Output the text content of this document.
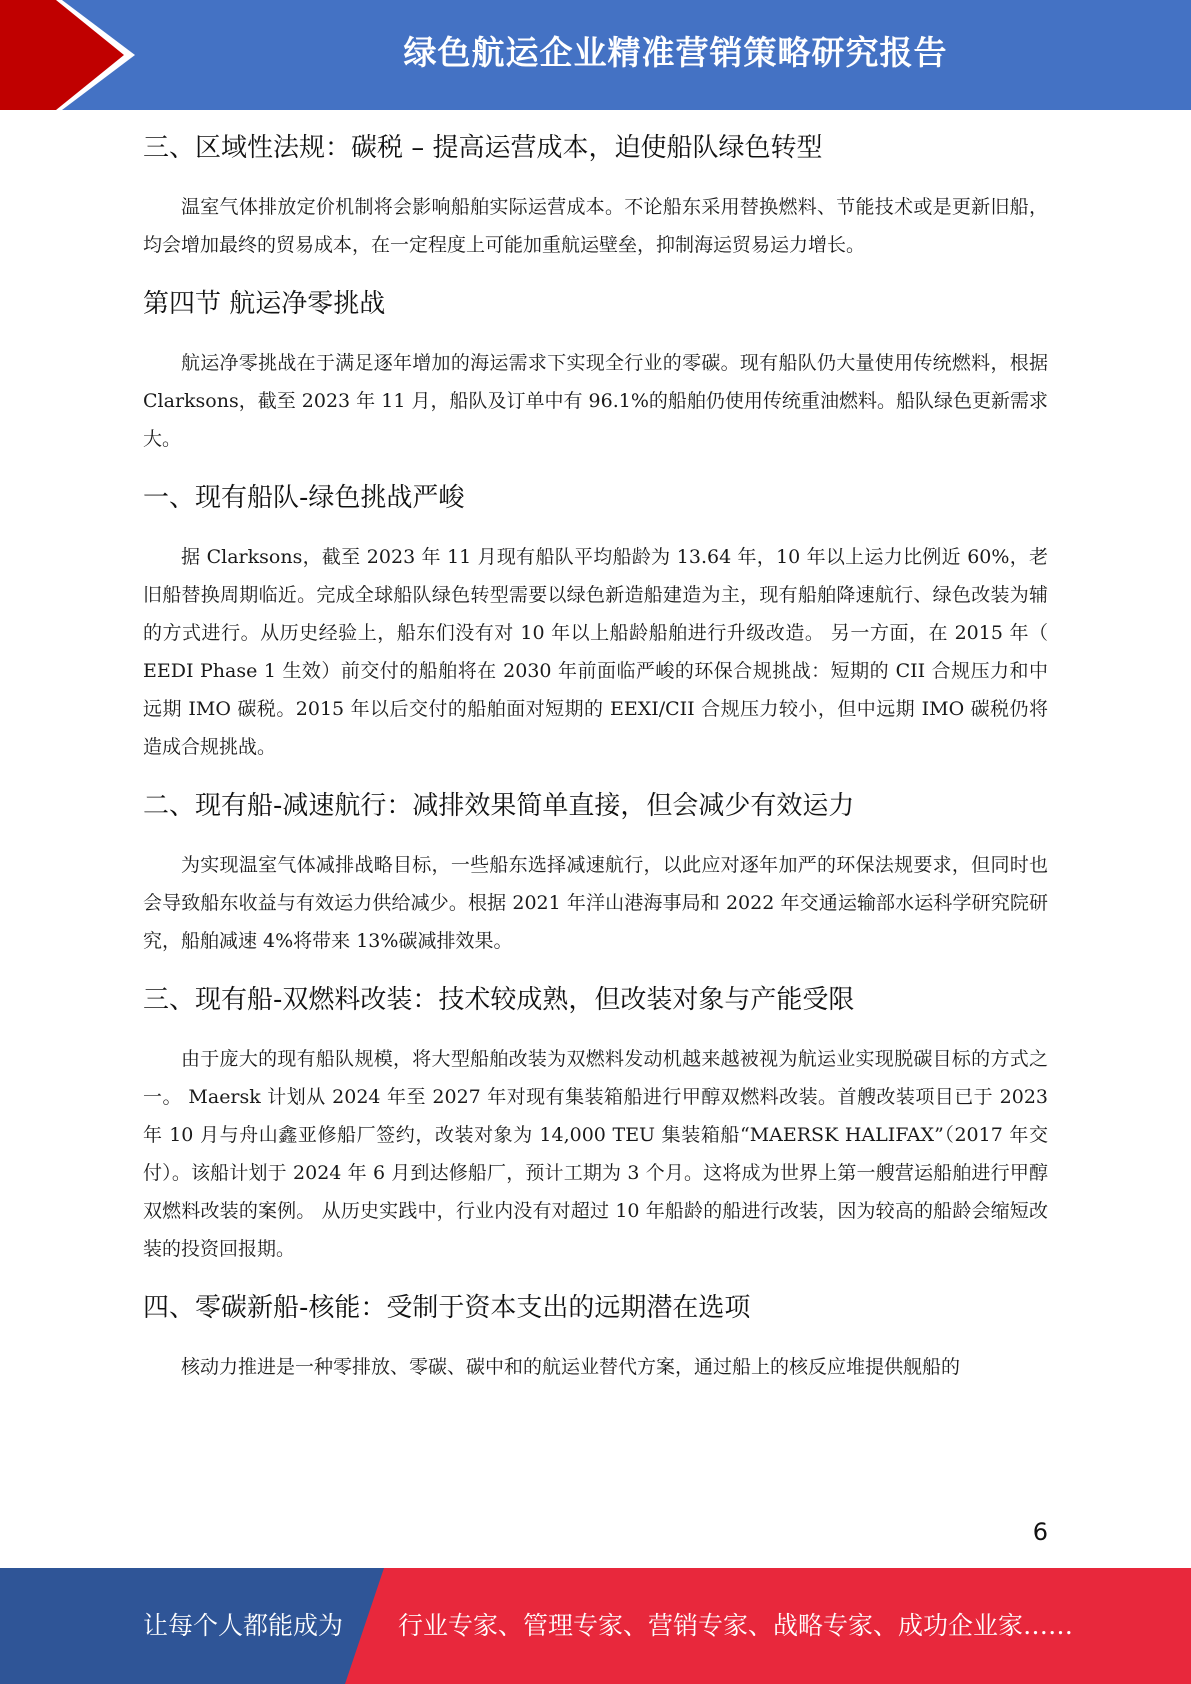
绿色航运企业精准营销策略研究报告
三、区域性法规：碳税 – 提高运营成本，迫使船队绿色转型

温室气体排放定价机制将会影响船舶实际运营成本。不论船东采用替换燃料、节能技术或是更新旧船，均会增加最终的贸易成本，在一定程度上可能加重航运壁垒，抑制海运贸易运力增长。

第四节 航运净零挑战

航运净零挑战在于满足逐年增加的海运需求下实现全行业的零碳。现有船队仍大量使用传统燃料，根据 Clarksons，截至 2023 年 11 月，船队及订单中有 96.1%的船舶仍使用传统重油燃料。船队绿色更新需求大。

一、现有船队-绿色挑战严峻

据 Clarksons，截至 2023 年 11 月现有船队平均船龄为 13.64 年，10 年以上运力比例近 60%，老旧船替换周期临近。完成全球船队绿色转型需要以绿色新造船建造为主，现有船舶降速航行、绿色改装为辅的方式进行。从历史经验上，船东们没有对 10 年以上船龄船舶进行升级改造。 另一方面，在 2015 年（ EEDI Phase 1 生效）前交付的船舶将在 2030 年前面临严峻的环保合规挑战：短期的 CII 合规压力和中远期 IMO 碳税。2015 年以后交付的船舶面对短期的 EEXI/CII 合规压力较小，但中远期 IMO 碳税仍将造成合规挑战。

二、现有船-减速航行：减排效果简单直接，但会减少有效运力

为实现温室气体减排战略目标，一些船东选择减速航行，以此应对逐年加严的环保法规要求，但同时也会导致船东收益与有效运力供给减少。根据 2021 年洋山港海事局和 2022 年交通运输部水运科学研究院研究，船舶减速 4%将带来 13%碳减排效果。

三、现有船-双燃料改装：技术较成熟，但改装对象与产能受限

由于庞大的现有船队规模，将大型船舶改装为双燃料发动机越来越被视为航运业实现脱碳目标的方式之一。 Maersk 计划从 2024 年至 2027 年对现有集装箱船进行甲醇双燃料改装。首艘改装项目已于 2023 年 10 月与舟山鑫亚修船厂签约，改装对象为 14,000 TEU 集装箱船“MAERSK HALIFAX”（2017 年交付）。该船计划于 2024 年 6 月到达修船厂，预计工期为 3 个月。这将成为世界上第一艘营运船舶进行甲醇双燃料改装的案例。 从历史实践中，行业内没有对超过 10 年船龄的船进行改装，因为较高的船龄会缩短改装的投资回报期。

四、零碳新船-核能：受制于资本支出的远期潜在选项

核动力推进是一种零排放、零碳、碳中和的航运业替代方案，通过船上的核反应堆提供舰船的

6
让每个人都能成为 行业专家、管理专家、营销专家、战略专家、成功企业家……
